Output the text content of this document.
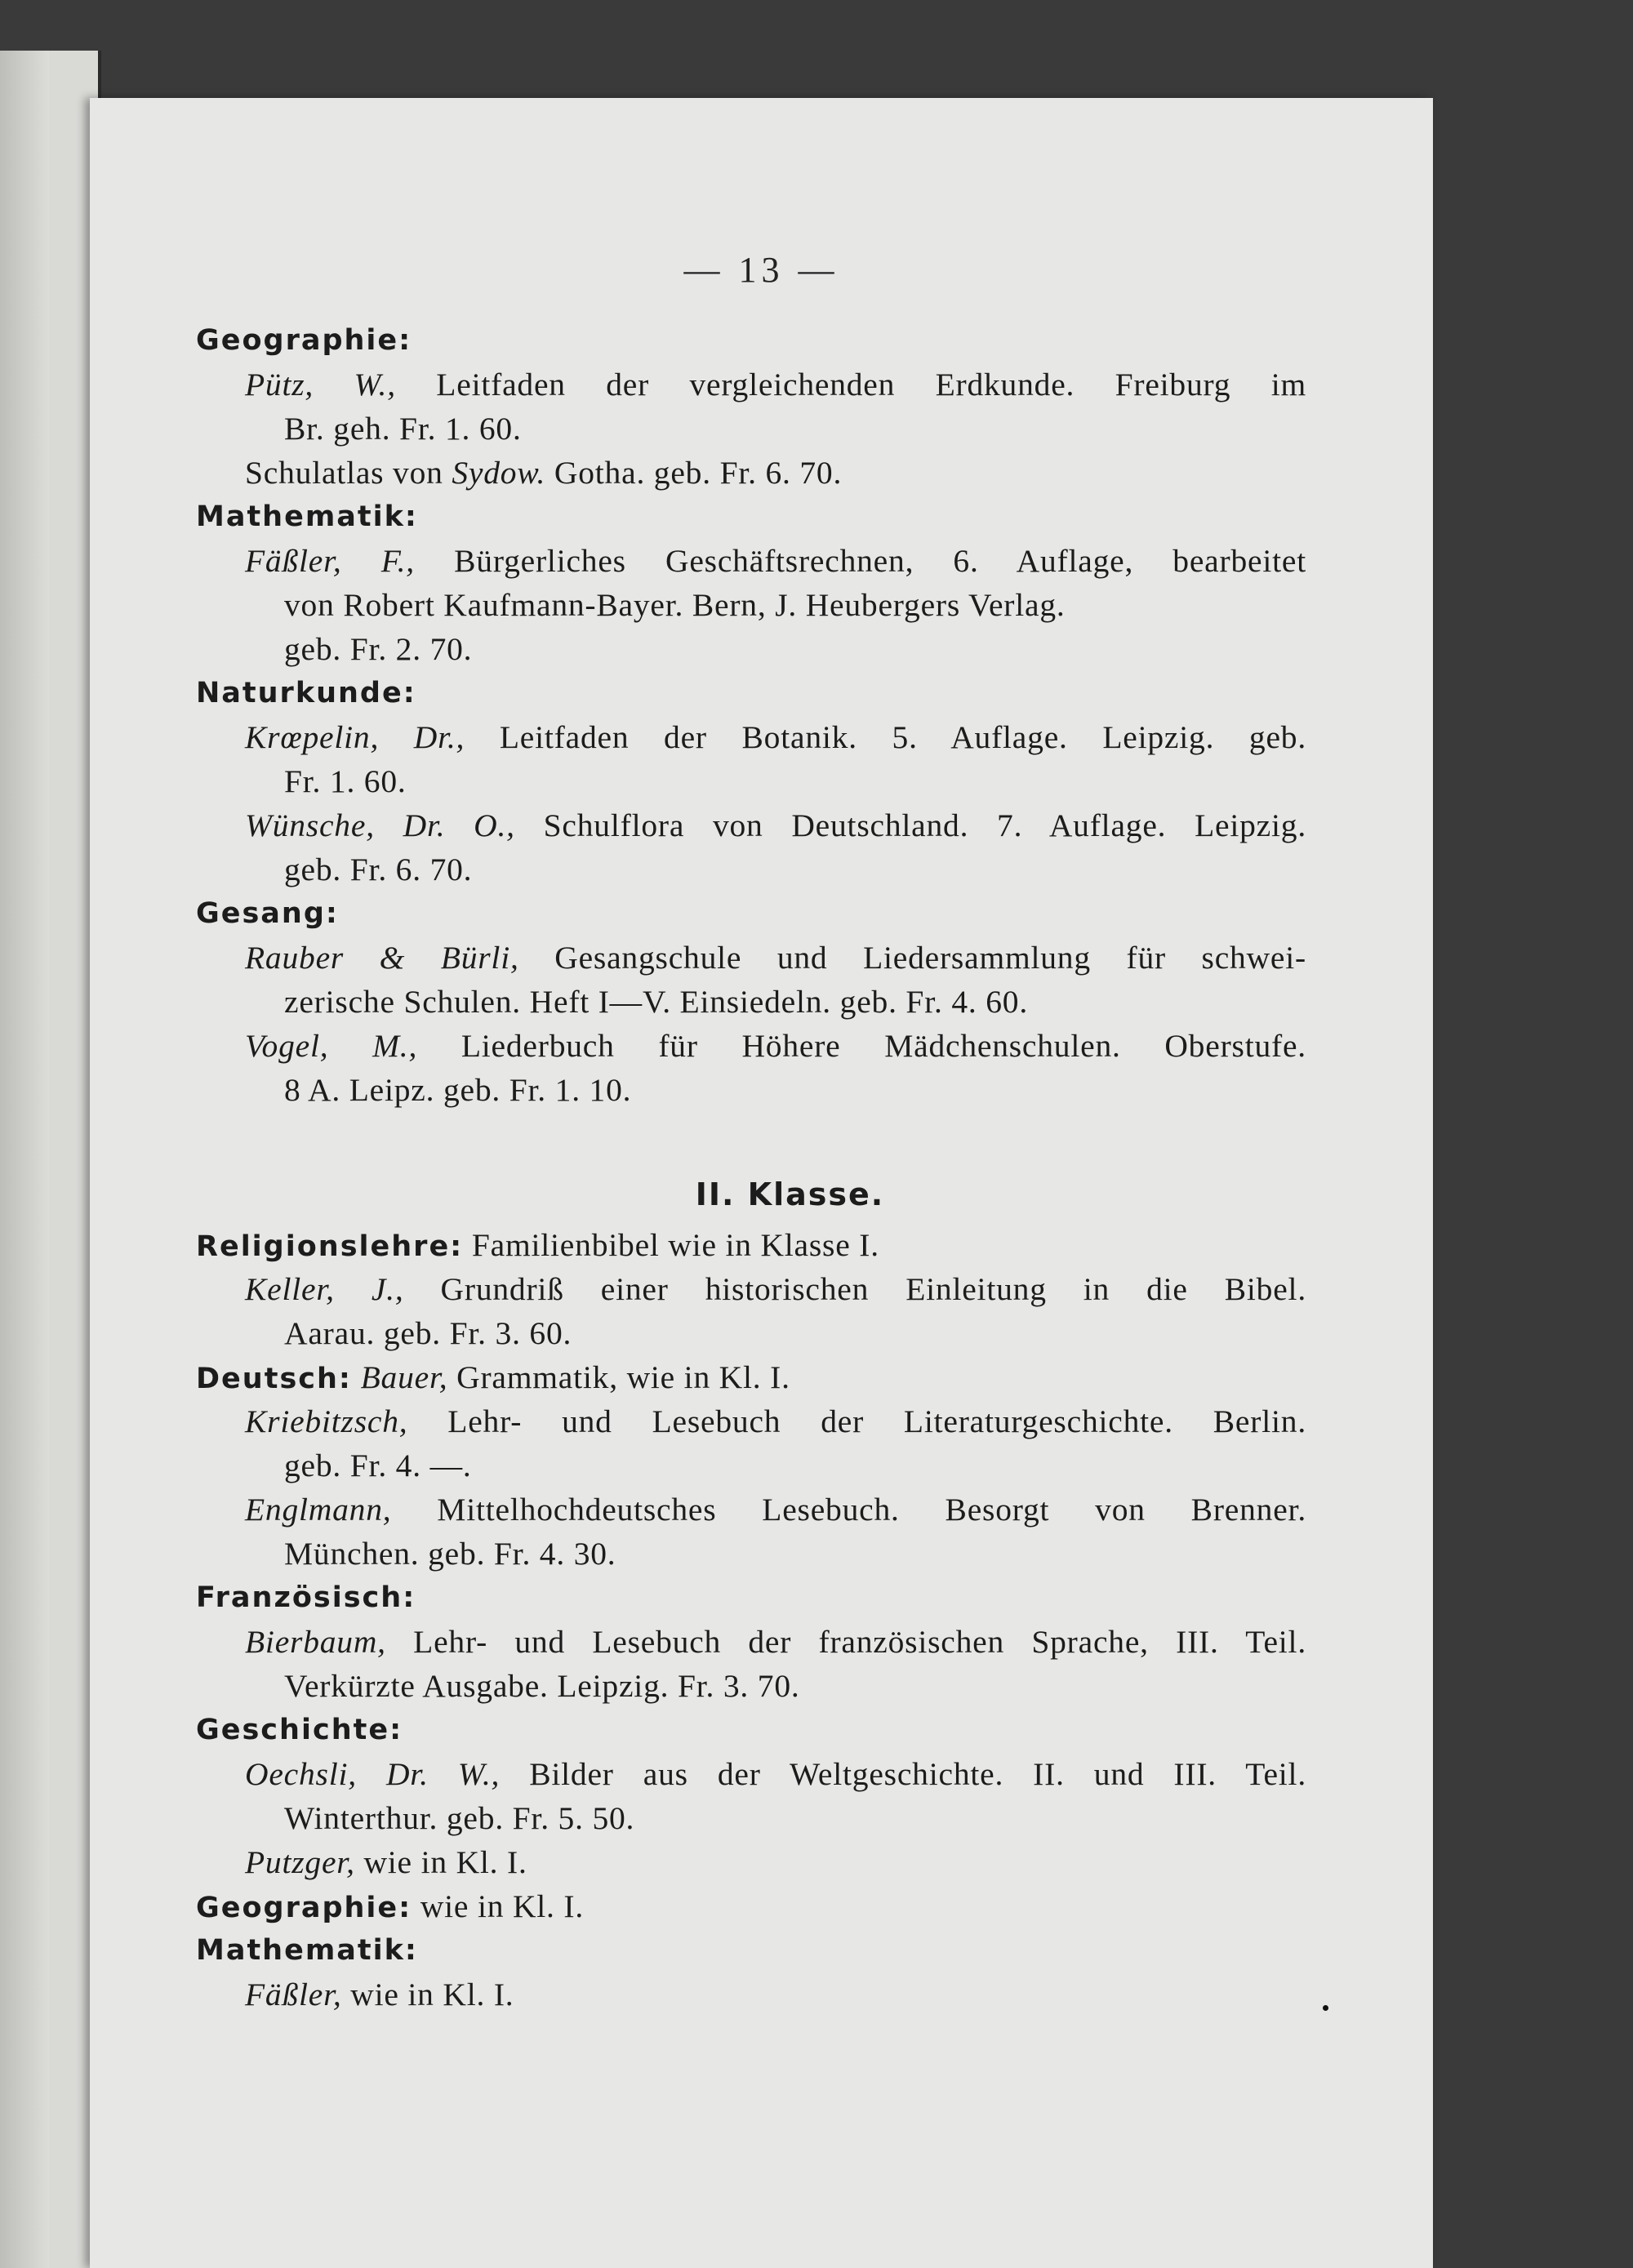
— 13 —
Geographie:
Pütz, W., Leitfaden der vergleichenden Erdkunde. Freiburg im
Br. geh. Fr. 1. 60.
Schulatlas von Sydow. Gotha. geb. Fr. 6. 70.
Mathematik:
Fäßler, F., Bürgerliches Geschäftsrechnen, 6. Auflage, bearbeitet
von Robert Kaufmann-Bayer. Bern, J. Heubergers Verlag.
geb. Fr. 2. 70.
Naturkunde:
Krœpelin, Dr., Leitfaden der Botanik. 5. Auflage. Leipzig. geb.
Fr. 1. 60.
Wünsche, Dr. O., Schulflora von Deutschland. 7. Auflage. Leipzig.
geb. Fr. 6. 70.
Gesang:
Rauber & Bürli, Gesangschule und Liedersammlung für schwei-
zerische Schulen. Heft I—V. Einsiedeln. geb. Fr. 4. 60.
Vogel, M., Liederbuch für Höhere Mädchenschulen. Oberstufe.
8 A. Leipz. geb. Fr. 1. 10.
II. Klasse.
Religionslehre: Familienbibel wie in Klasse I.
Keller, J., Grundriß einer historischen Einleitung in die Bibel.
Aarau. geb. Fr. 3. 60.
Deutsch: Bauer, Grammatik, wie in Kl. I.
Kriebitzsch, Lehr- und Lesebuch der Literaturgeschichte. Berlin.
geb. Fr. 4. —.
Englmann, Mittelhochdeutsches Lesebuch. Besorgt von Brenner.
München. geb. Fr. 4. 30.
Französisch:
Bierbaum, Lehr- und Lesebuch der französischen Sprache, III. Teil.
Verkürzte Ausgabe. Leipzig. Fr. 3. 70.
Geschichte:
Oechsli, Dr. W., Bilder aus der Weltgeschichte. II. und III. Teil.
Winterthur. geb. Fr. 5. 50.
Putzger, wie in Kl. I.
Geographie: wie in Kl. I.
Mathematik:
Fäßler, wie in Kl. I.
